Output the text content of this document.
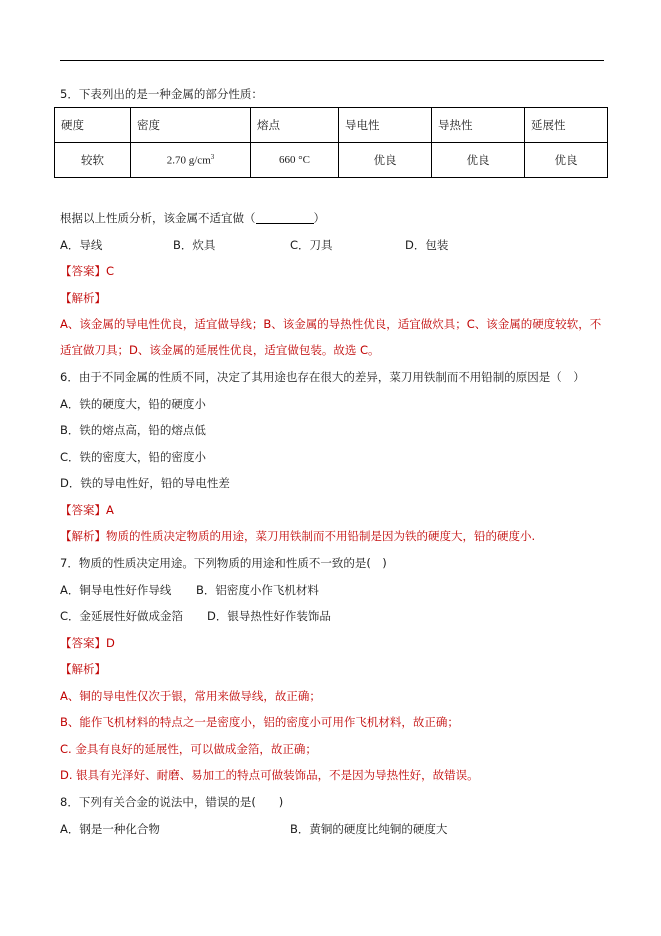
5．下表列出的是一种金属的部分性质：
硬度	密度	熔点	导电性	导热性	延展性
较软	2.70 $g/cm^3$	660 °C	优良	优良	优良
根据以上性质分析，该金属不适宜做（	）
A．导线	B．炊具	C．刀具	D．包装
【答案】C
【解析】
A、该金属的导电性优良，适宜做导线；B、该金属的导热性优良，适宜做炊具；C、该金属的硬度较软，不
适宜做刀具；D、该金属的延展性优良，适宜做包装。故选 C。
6．由于不同金属的性质不同，决定了其用途也存在很大的差异，菜刀用铁制而不用铅制的原因是（　）
A．铁的硬度大，铅的硬度小
B．铁的熔点高，铅的熔点低
C．铁的密度大，铅的密度小
D．铁的导电性好，铅的导电性差
【答案】A
【解析】物质的性质决定物质的用途，菜刀用铁制而不用铅制是因为铁的硬度大，铅的硬度小.
7．物质的性质决定用途。下列物质的用途和性质不一致的是(　)
A．铜导电性好作导线 B．铝密度小作飞机材料
C．金延展性好做成金箔 D．银导热性好作装饰品
【答案】D
【解析】
A、铜的导电性仅次于银，常用来做导线，故正确；
B、能作飞机材料的特点之一是密度小，铝的密度小可用作飞机材料，故正确；
C. 金具有良好的延展性，可以做成金箔，故正确；
D. 银具有光泽好、耐磨、易加工的特点可做装饰品，不是因为导热性好，故错误。
8．下列有关合金的说法中，错误的是(　　)
A．钢是一种化合物	B．黄铜的硬度比纯铜的硬度大
